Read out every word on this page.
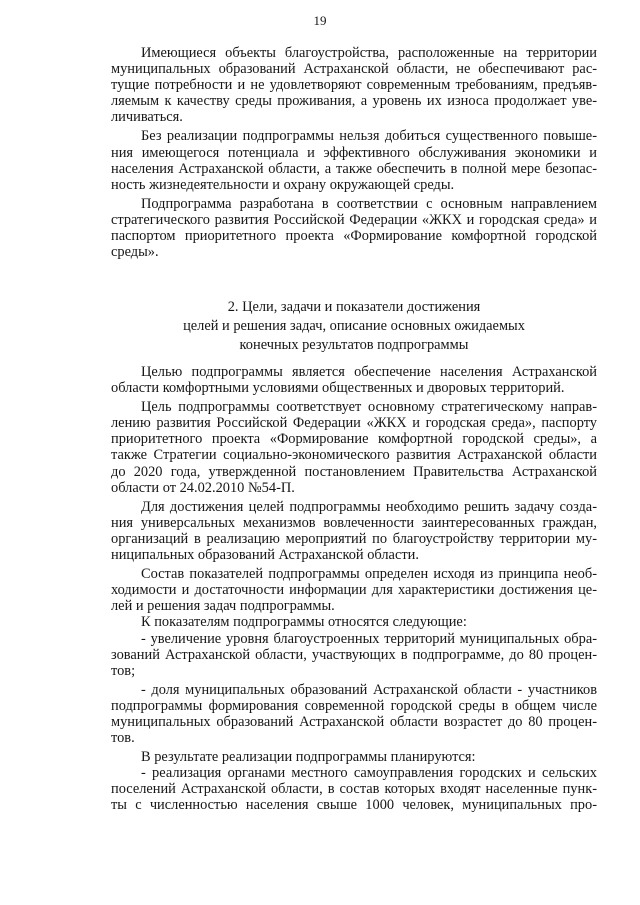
19

Имеющиеся объекты благоустройства, расположенные на территории муниципальных образований Астраханской области, не обеспечивают рас- тущие потребности и не удовлетворяют современным требованиям, предъяв- ляемым к качеству среды проживания, а уровень их износа продолжает уве- личиваться.

Без реализации подпрограммы нельзя добиться существенного повыше- ния имеющегося потенциала и эффективного обслуживания экономики и населения Астраханской области, а также обеспечить в полной мере безопас- ность жизнедеятельности и охрану окружающей среды.

Подпрограмма разработана в соответствии с основным направлением стратегического развития Российской Федерации «ЖКХ и городская среда» и паспортом приоритетного проекта «Формирование комфортной городской среды».

2. Цели, задачи и показатели достижения
целей и решения задач, описание основных ожидаемых
конечных результатов подпрограммы

Целью подпрограммы является обеспечение населения Астраханской области комфортными условиями общественных и дворовых территорий.

Цель подпрограммы соответствует основному стратегическому направ- лению развития Российской Федерации «ЖКХ и городская среда», паспорту приоритетного проекта «Формирование комфортной городской среды», а также Стратегии социально-экономического развития Астраханской области до 2020 года, утвержденной постановлением Правительства Астраханской области от 24.02.2010 №54-П.

Для достижения целей подпрограммы необходимо решить задачу созда- ния универсальных механизмов вовлеченности заинтересованных граждан, организаций в реализацию мероприятий по благоустройству территории му- ниципальных образований Астраханской области.

Состав показателей подпрограммы определен исходя из принципа необ- ходимости и достаточности информации для характеристики достижения це- лей и решения задач подпрограммы.

К показателям подпрограммы относятся следующие:

- увеличение уровня благоустроенных территорий муниципальных обра- зований Астраханской области, участвующих в подпрограмме, до 80 процен- тов;

- доля муниципальных образований Астраханской области - участников подпрограммы формирования современной городской среды в общем числе муниципальных образований Астраханской области возрастет до 80 процен- тов.

В результате реализации подпрограммы планируются:

- реализация органами местного самоуправления городских и сельских поселений Астраханской области, в состав которых входят населенные пунк- ты с численностью населения свыше 1000 человек, муниципальных про-
